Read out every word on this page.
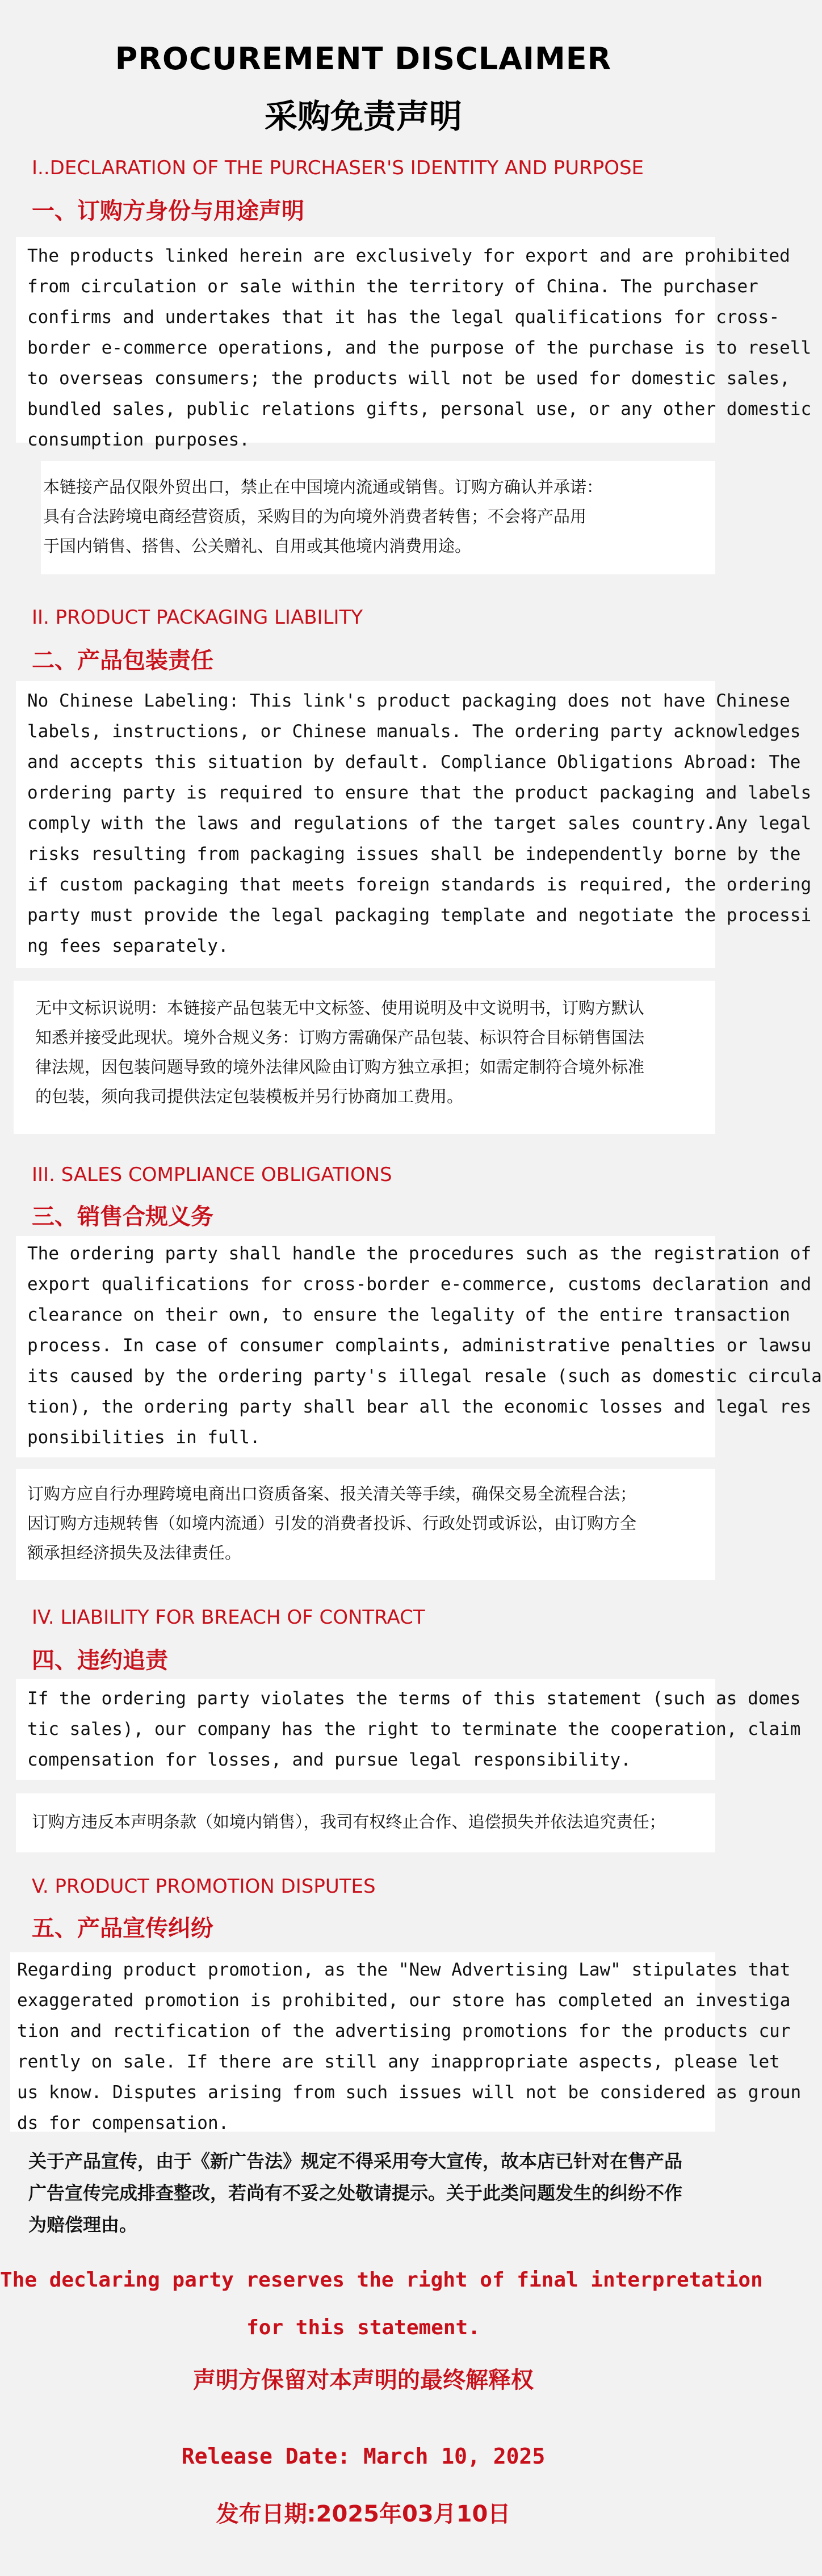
PROCUREMENT DISCLAIMER
采购免责声明
I..DECLARATION OF THE PURCHASER'S IDENTITY AND PURPOSE
一、订购方身份与用途声明
The products linked herein are exclusively for export and are prohibited
from circulation or sale within the territory of China. The purchaser
confirms and undertakes that it has the legal qualifications for cross-
border e-commerce operations, and the purpose of the purchase is to resell
to overseas consumers; the products will not be used for domestic sales,
bundled sales, public relations gifts, personal use, or any other domestic
consumption purposes.
本链接产品仅限外贸出口，禁止在中国境内流通或销售。订购方确认并承诺：
具有合法跨境电商经营资质，采购目的为向境外消费者转售；不会将产品用
于国内销售、搭售、公关赠礼、自用或其他境内消费用途。
II. PRODUCT PACKAGING LIABILITY
二、产品包装责任
No Chinese Labeling: This link's product packaging does not have Chinese
labels, instructions, or Chinese manuals. The ordering party acknowledges
and accepts this situation by default. Compliance Obligations Abroad: The
ordering party is required to ensure that the product packaging and labels
comply with the laws and regulations of the target sales country.Any legal
risks resulting from packaging issues shall be independently borne by the
if custom packaging that meets foreign standards is required, the ordering
party must provide the legal packaging template and negotiate the processi
ng fees separately.
无中文标识说明：本链接产品包装无中文标签、使用说明及中文说明书，订购方默认
知悉并接受此现状。境外合规义务：订购方需确保产品包装、标识符合目标销售国法
律法规，因包装问题导致的境外法律风险由订购方独立承担；如需定制符合境外标准
的包装，须向我司提供法定包装模板并另行协商加工费用。
III. SALES COMPLIANCE OBLIGATIONS
三、销售合规义务
The ordering party shall handle the procedures such as the registration of
export qualifications for cross-border e-commerce, customs declaration and
clearance on their own, to ensure the legality of the entire transaction
process. In case of consumer complaints, administrative penalties or lawsu
its caused by the ordering party's illegal resale (such as domestic circula
tion), the ordering party shall bear all the economic losses and legal res
ponsibilities in full.
订购方应自行办理跨境电商出口资质备案、报关清关等手续，确保交易全流程合法；
因订购方违规转售（如境内流通）引发的消费者投诉、行政处罚或诉讼，由订购方全
额承担经济损失及法律责任。
IV. LIABILITY FOR BREACH OF CONTRACT
四、违约追责
If the ordering party violates the terms of this statement (such as domes
tic sales), our company has the right to terminate the cooperation, claim
compensation for losses, and pursue legal responsibility.
订购方违反本声明条款（如境内销售），我司有权终止合作、追偿损失并依法追究责任；
V. PRODUCT PROMOTION DISPUTES
五、产品宣传纠纷
Regarding product promotion, as the "New Advertising Law" stipulates that
exaggerated promotion is prohibited, our store has completed an investiga
tion and rectification of the advertising promotions for the products cur
rently on sale. If there are still any inappropriate aspects, please let
us know. Disputes arising from such issues will not be considered as groun
ds for compensation.
关于产品宣传，由于《新广告法》规定不得采用夸大宣传，故本店已针对在售产品
广告宣传完成排查整改，若尚有不妥之处敬请提示。关于此类问题发生的纠纷不作
为赔偿理由。
The declaring party reserves the right of final interpretation
for this statement.
声明方保留对本声明的最终解释权
Release Date: March 10, 2025
发布日期:2025年03月10日
